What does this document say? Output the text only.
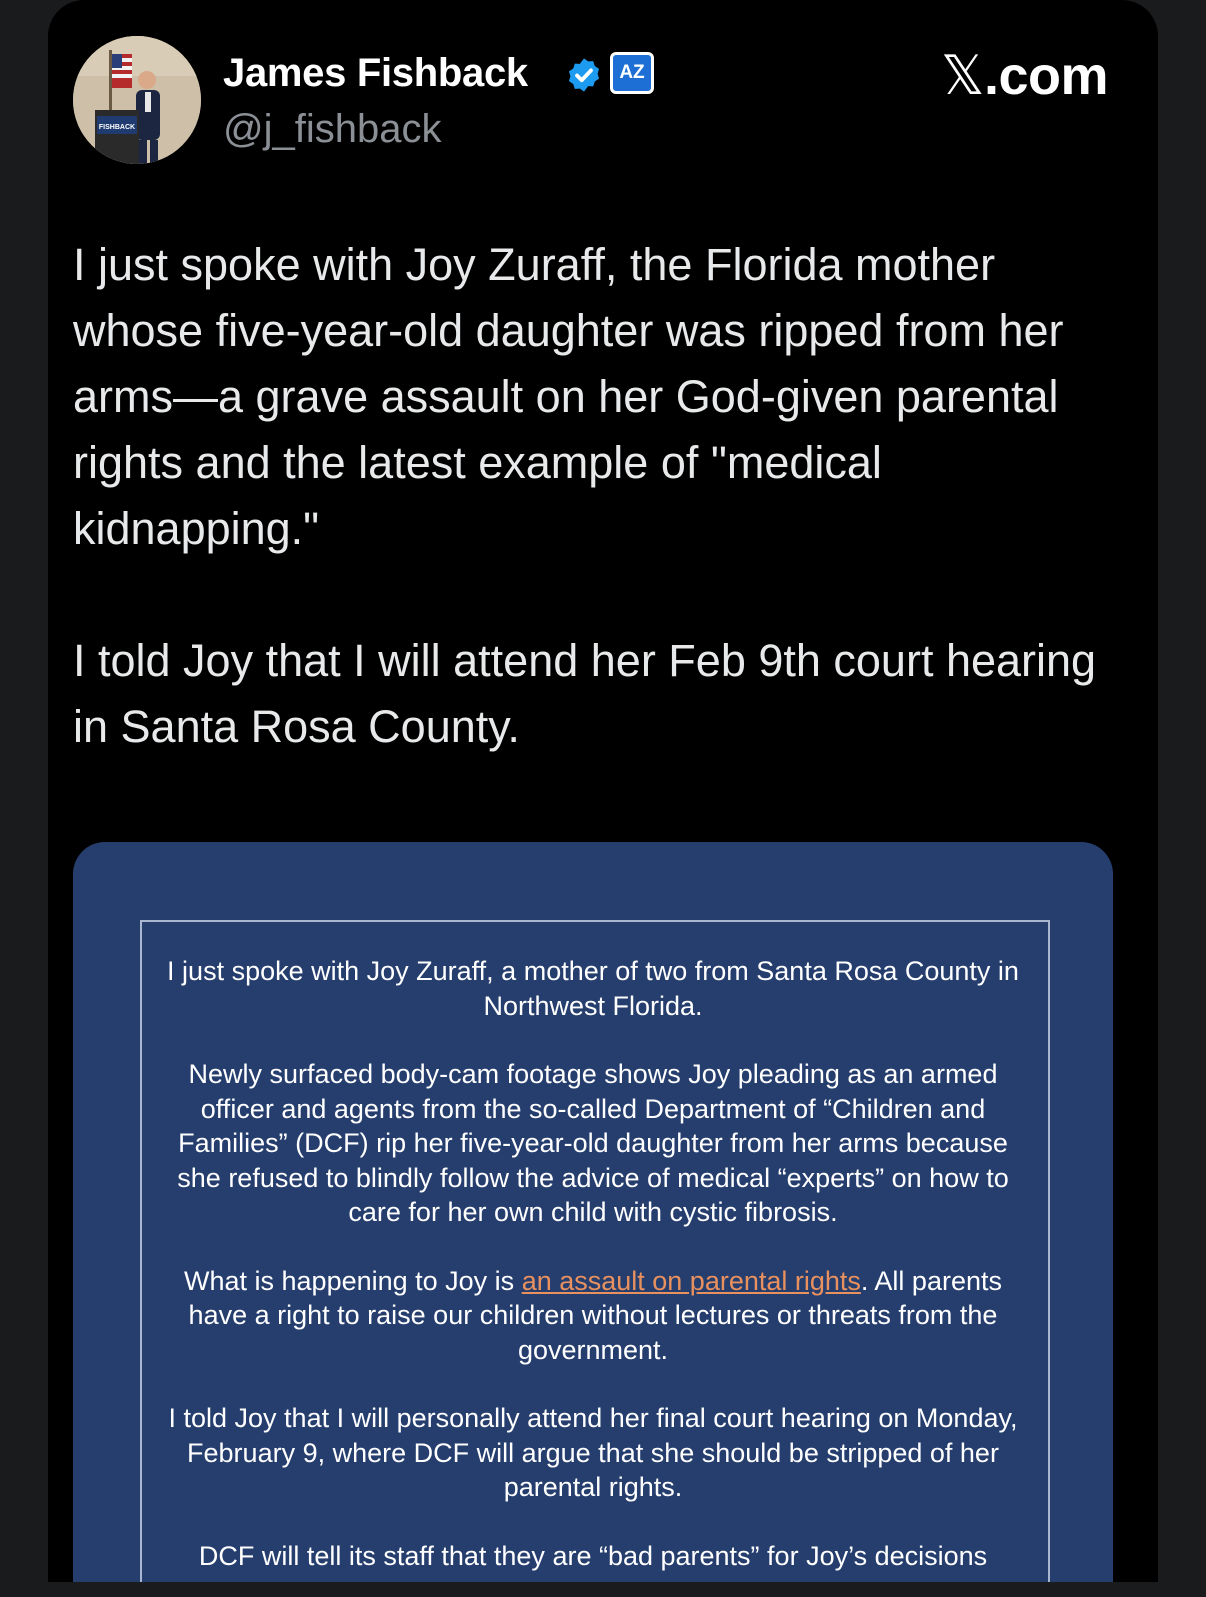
FISHBACK
James Fishback	AZ
@j_fishback
𝕏.com

I just spoke with Joy Zuraff, the Florida mother whose five-year-old daughter was ripped from her arms—a grave assault on her God-given parental rights and the latest example of "medical kidnapping."

I told Joy that I will attend her Feb 9th court hearing in Santa Rosa County.

I just spoke with Joy Zuraff, a mother of two from Santa Rosa County in Northwest Florida.

Newly surfaced body-cam footage shows Joy pleading as an armed officer and agents from the so-called Department of “Children and Families” (DCF) rip her five-year-old daughter from her arms because she refused to blindly follow the advice of medical “experts” on how to care for her own child with cystic fibrosis.

What is happening to Joy is an assault on parental rights. All parents have a right to raise our children without lectures or threats from the government.

I told Joy that I will personally attend her final court hearing on Monday, February 9, where DCF will argue that she should be stripped of her parental rights.

DCF will tell its staff that they are “bad parents” for Joy’s decisions
